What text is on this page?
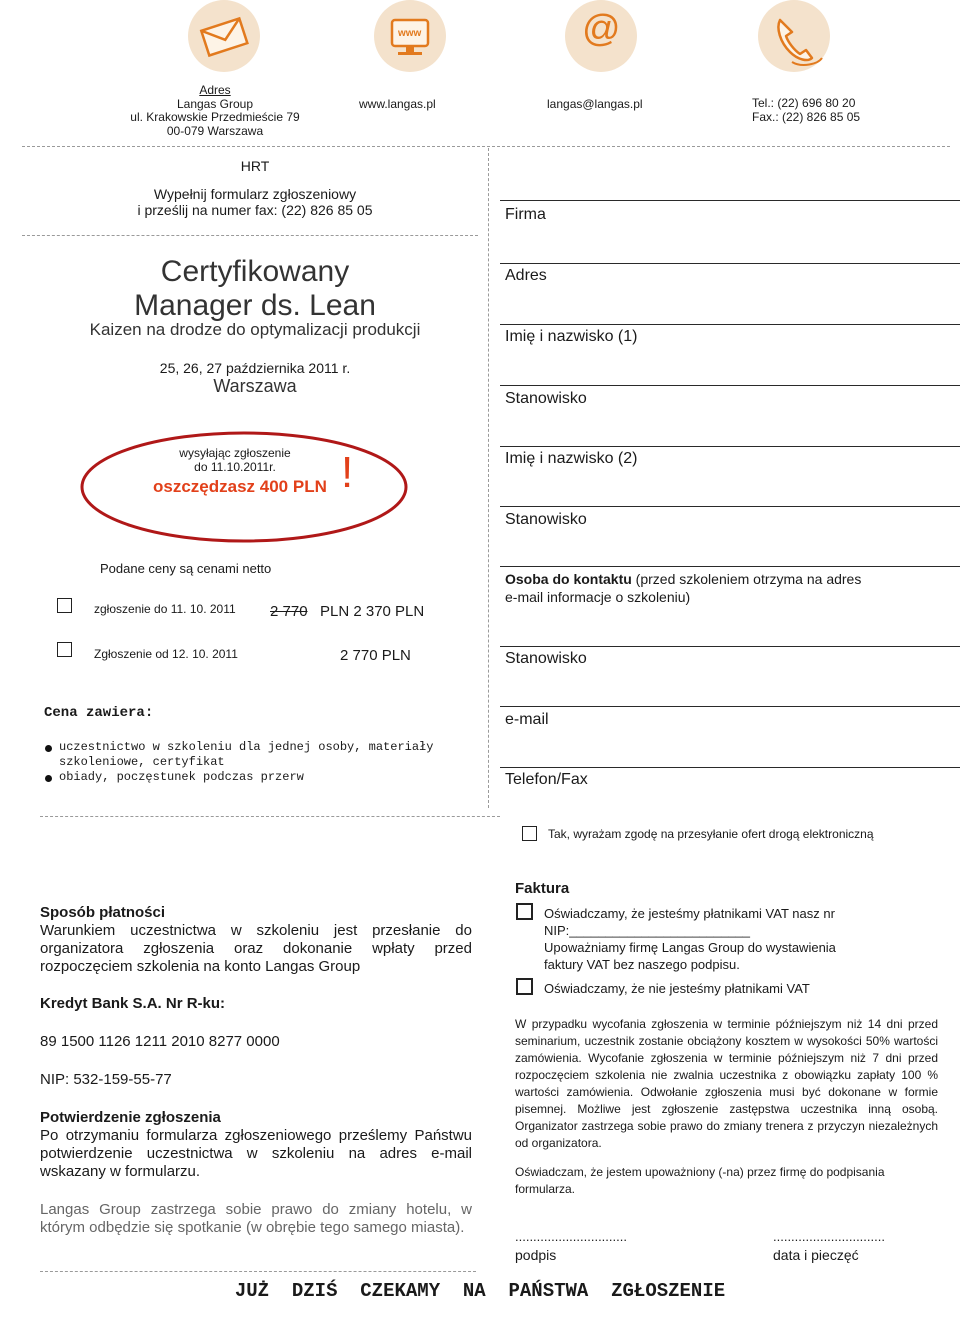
www	@
Adres
Langas Group
ul. Krakowskie Przedmieście 79
00-079 Warszawa
www.langas.pl	langas@langas.pl	Tel.: (22) 696 80 20
Fax.: (22) 826 85 05
HRT
Wypełnij formularz zgłoszeniowy
i prześlij na numer fax: (22) 826 85 05
Certyfikowany
Manager ds. Lean
Kaizen na drodze do optymalizacji produkcji
25, 26, 27 października 2011 r.
Warszawa
wysyłając zgłoszenie
do 11.10.2011r.
oszczędzasz 400 PLN !
Podane ceny są cenami netto
zgłoszenie do 11. 10. 2011 2 770 PLN 2 370 PLN
Zgłoszenie od 12. 10. 2011	2 770 PLN
Cena zawiera:
uczestnictwo w szkoleniu dla jednej osoby, materiały
szkoleniowe, certyfikat
obiady, poczęstunek podczas przerw
Firma
Adres
Imię i nazwisko (1)
Stanowisko
Imię i nazwisko (2)
Stanowisko
Osoba do kontaktu (przed szkoleniem otrzyma na adres
e-mail informacje o szkoleniu)
Stanowisko
e-mail
Telefon/Fax
Tak, wyrażam zgodę na przesyłanie ofert drogą elektroniczną
Sposób płatności
Warunkiem uczestnictwa w szkoleniu jest przesłanie do organizatora zgłoszenia oraz dokonanie wpłaty przed rozpoczęciem szkolenia na konto Langas Group
Kredyt Bank S.A. Nr R-ku:
89 1500 1126 1211 2010 8277 0000
NIP: 532-159-55-77
Potwierdzenie zgłoszenia
Po otrzymaniu formularza zgłoszeniowego prześlemy Państwu potwierdzenie uczestnictwa w szkoleniu na adres e-mail wskazany w formularzu.
Langas Group zastrzega sobie prawo do zmiany hotelu, w którym odbędzie się spotkanie (w obrębie tego samego miasta).
Faktura
Oświadczamy, że jesteśmy płatnikami VAT nasz nr
NIP:_________________________
Upoważniamy firmę Langas Group do wystawienia
faktury VAT bez naszego podpisu.
Oświadczamy, że nie jesteśmy płatnikami VAT
W przypadku wycofania zgłoszenia w terminie późniejszym niż 14 dni przed seminarium, uczestnik zostanie obciążony kosztem w wysokości 50% wartości zamówienia. Wycofanie zgłoszenia w terminie późniejszym niż 7 dni przed rozpoczęciem szkolenia nie zwalnia uczestnika z obowiązku zapłaty 100 % wartości zamówienia. Odwołanie zgłoszenia musi być dokonane w formie pisemnej. Możliwe jest zgłoszenie zastępstwa uczestnika inną osobą. Organizator zastrzega sobie prawo do zmiany trenera z przyczyn niezależnych od organizatora.
Oświadczam, że jestem upoważniony (-na) przez firmę do podpisania formularza.
...............................
podpis
...............................
data i pieczęć
JUŻ  DZIŚ  CZEKAMY  NA  PAŃSTWA  ZGŁOSZENIE
